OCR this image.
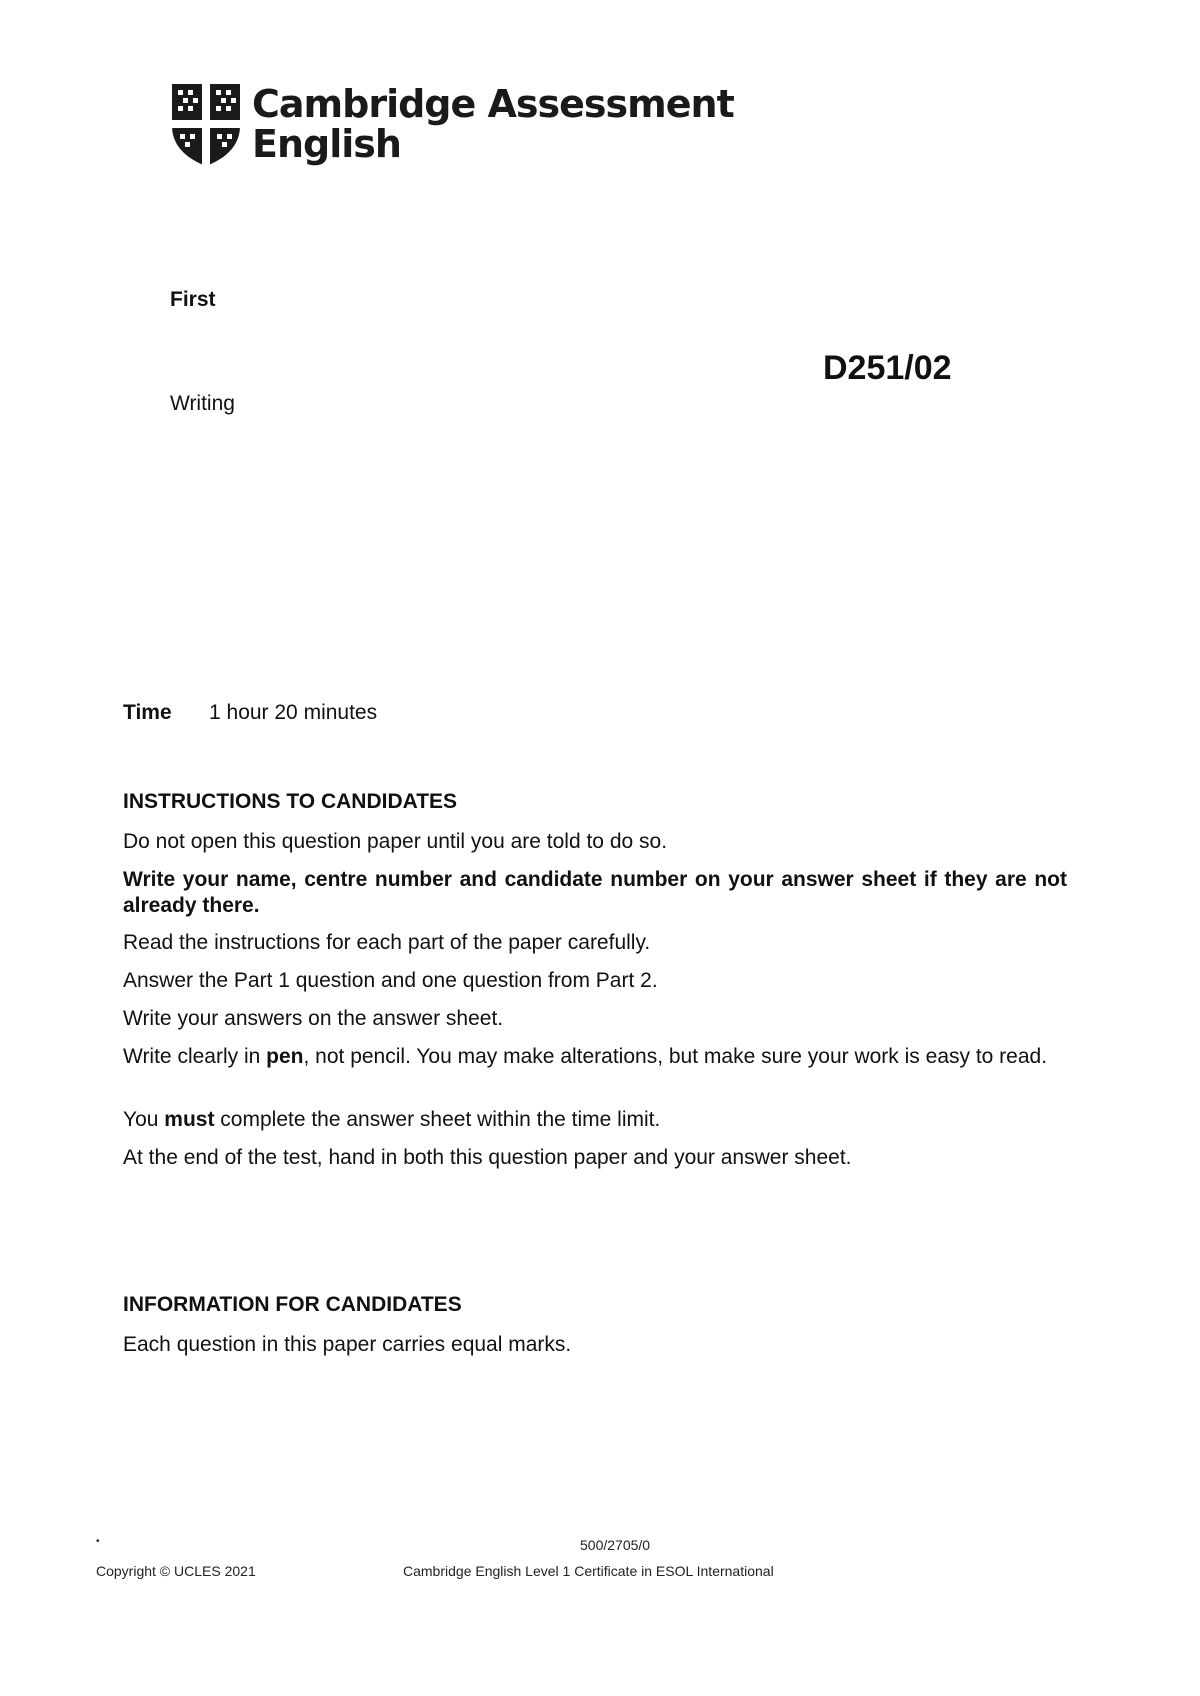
Cambridge Assessment
English
First
D251/02
Writing
Time 1 hour 20 minutes
INSTRUCTIONS TO CANDIDATES
Do not open this question paper until you are told to do so.
Write your name, centre number and candidate number on your answer sheet if they are not already there.
Read the instructions for each part of the paper carefully.
Answer the Part 1 question and one question from Part 2.
Write your answers on the answer sheet.
Write clearly in pen, not pencil. You may make alterations, but make sure your work is easy to read.
You must complete the answer sheet within the time limit.
At the end of the test, hand in both this question paper and your answer sheet.
INFORMATION FOR CANDIDATES
Each question in this paper carries equal marks.
•	500/2705/0
Copyright © UCLES 2021	Cambridge English Level 1 Certificate in ESOL International
